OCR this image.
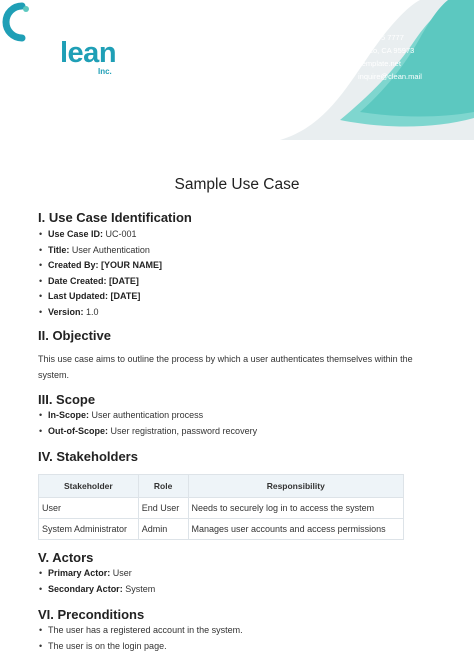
lean
Inc.
222 555 7777
Chico, CA 95973
Template.net
inquire@clean.mail
Sample Use Case
I. Use Case Identification
• Use Case ID: UC-001
• Title: User Authentication
• Created By: [YOUR NAME]
• Date Created: [DATE]
• Last Updated: [DATE]
• Version: 1.0
II. Objective

This use case aims to outline the process by which a user authenticates themselves within the system.

III. Scope
• In-Scope: User authentication process
• Out-of-Scope: User registration, password recovery
IV. Stakeholders
Stakeholder	Role	Responsibility
User	End User	Needs to securely log in to access the system
System Administrator	Admin	Manages user accounts and access permissions
V. Actors
• Primary Actor: User
• Secondary Actor: System
VI. Preconditions
• The user has a registered account in the system.
• The user is on the login page.
